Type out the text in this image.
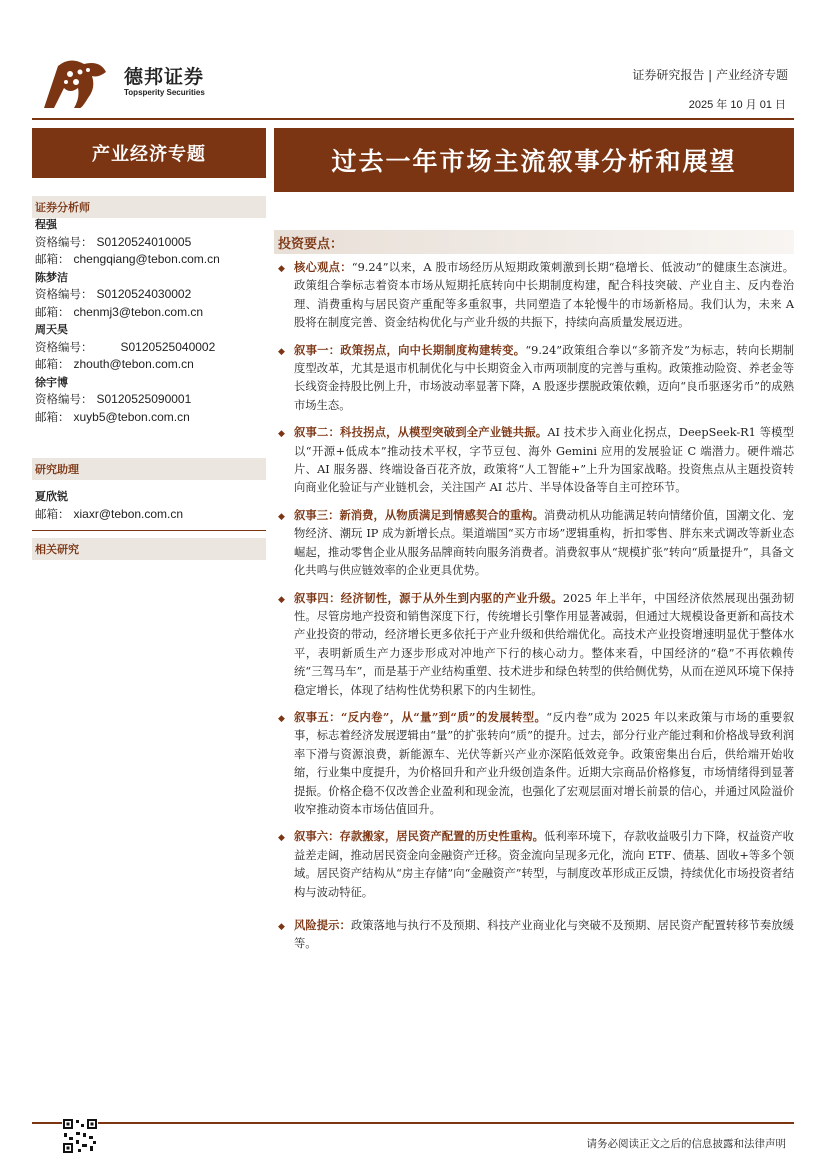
德邦证券
Topsperity Securities
证券研究报告 | 产业经济专题
2025 年 10 月 01 日
产业经济专题	过去一年市场主流叙事分析和展望
证券分析师
程强
资格编号： S0120524010005
邮箱： chengqiang@tebon.com.cn
陈梦洁
资格编号： S0120524030002
邮箱： chenmj3@tebon.com.cn
周天昊
资格编号： S0120525040002
邮箱： zhouth@tebon.com.cn
徐宇博
资格编号： S0120525090001
邮箱： xuyb5@tebon.com.cn
研究助理
夏欣锐
邮箱： xiaxr@tebon.com.cn
相关研究
投资要点：
◆ 核心观点：“9.24”以来，A 股市场经历从短期政策刺激到长期“稳增长、低波动”的健康生态演进。政策组合拳标志着资本市场从短期托底转向中长期制度构建，配合科技突破、产业自主、反内卷治理、消费重构与居民资产重配等多重叙事，共同塑造了本轮慢牛的市场新格局。我们认为，未来 A 股将在制度完善、资金结构优化与产业升级的共振下，持续向高质量发展迈进。
◆ 叙事一：政策拐点，向中长期制度构建转变。“9.24”政策组合拳以“多箭齐发”为标志，转向长期制度型改革，尤其是退市机制优化与中长期资金入市两项制度的完善与重构。政策推动险资、养老金等长线资金持股比例上升，市场波动率显著下降，A 股逐步摆脱政策依赖，迈向“良币驱逐劣币”的成熟市场生态。
◆ 叙事二：科技拐点，从模型突破到全产业链共振。AI 技术步入商业化拐点，DeepSeek-R1 等模型以“开源+低成本”推动技术平权，字节豆包、海外 Gemini 应用的发展验证 C 端潜力。硬件端芯片、AI 服务器、终端设备百花齐放，政策将“人工智能+”上升为国家战略。投资焦点从主题投资转向商业化验证与产业链机会，关注国产 AI 芯片、半导体设备等自主可控环节。
◆ 叙事三：新消费，从物质满足到情感契合的重构。消费动机从功能满足转向情绪价值，国潮文化、宠物经济、潮玩 IP 成为新增长点。渠道端国“买方市场”逻辑重构，折扣零售、胖东来式调改等新业态崛起，推动零售企业从服务品牌商转向服务消费者。消费叙事从“规模扩张”转向“质量提升”，具备文化共鸣与供应链效率的企业更具优势。
◆ 叙事四：经济韧性，源于从外生到内驱的产业升级。2025 年上半年，中国经济依然展现出强劲韧性。尽管房地产投资和销售深度下行，传统增长引擎作用显著减弱，但通过大规模设备更新和高技术产业投资的带动，经济增长更多依托于产业升级和供给端优化。高技术产业投资增速明显优于整体水平，表明新质生产力逐步形成对冲地产下行的核心动力。整体来看，中国经济的“稳”不再依赖传统“三驾马车”，而是基于产业结构重塑、技术进步和绿色转型的供给侧优势，从而在逆风环境下保持稳定增长，体现了结构性优势积累下的内生韧性。
◆ 叙事五：“反内卷”，从“量”到“质”的发展转型。“反内卷”成为 2025 年以来政策与市场的重要叙事，标志着经济发展逻辑由“量”的扩张转向“质”的提升。过去，部分行业产能过剩和价格战导致利润率下滑与资源浪费，新能源车、光伏等新兴产业亦深陷低效竞争。政策密集出台后，供给端开始收缩，行业集中度提升，为价格回升和产业升级创造条件。近期大宗商品价格修复，市场情绪得到显著提振。价格企稳不仅改善企业盈利和现金流，也强化了宏观层面对增长前景的信心，并通过风险溢价收窄推动资本市场估值回升。
◆ 叙事六：存款搬家，居民资产配置的历史性重构。低利率环境下，存款收益吸引力下降，权益资产收益差走阔，推动居民资金向金融资产迁移。资金流向呈现多元化，流向 ETF、债基、固收+等多个领域。居民资产结构从“房主存储”向“金融资产”转型，与制度改革形成正反馈，持续优化市场投资者结构与波动特征。
◆ 风险提示：政策落地与执行不及预期、科技产业商业化与突破不及预期、居民资产配置转移节奏放缓等。
请务必阅读正文之后的信息披露和法律声明
